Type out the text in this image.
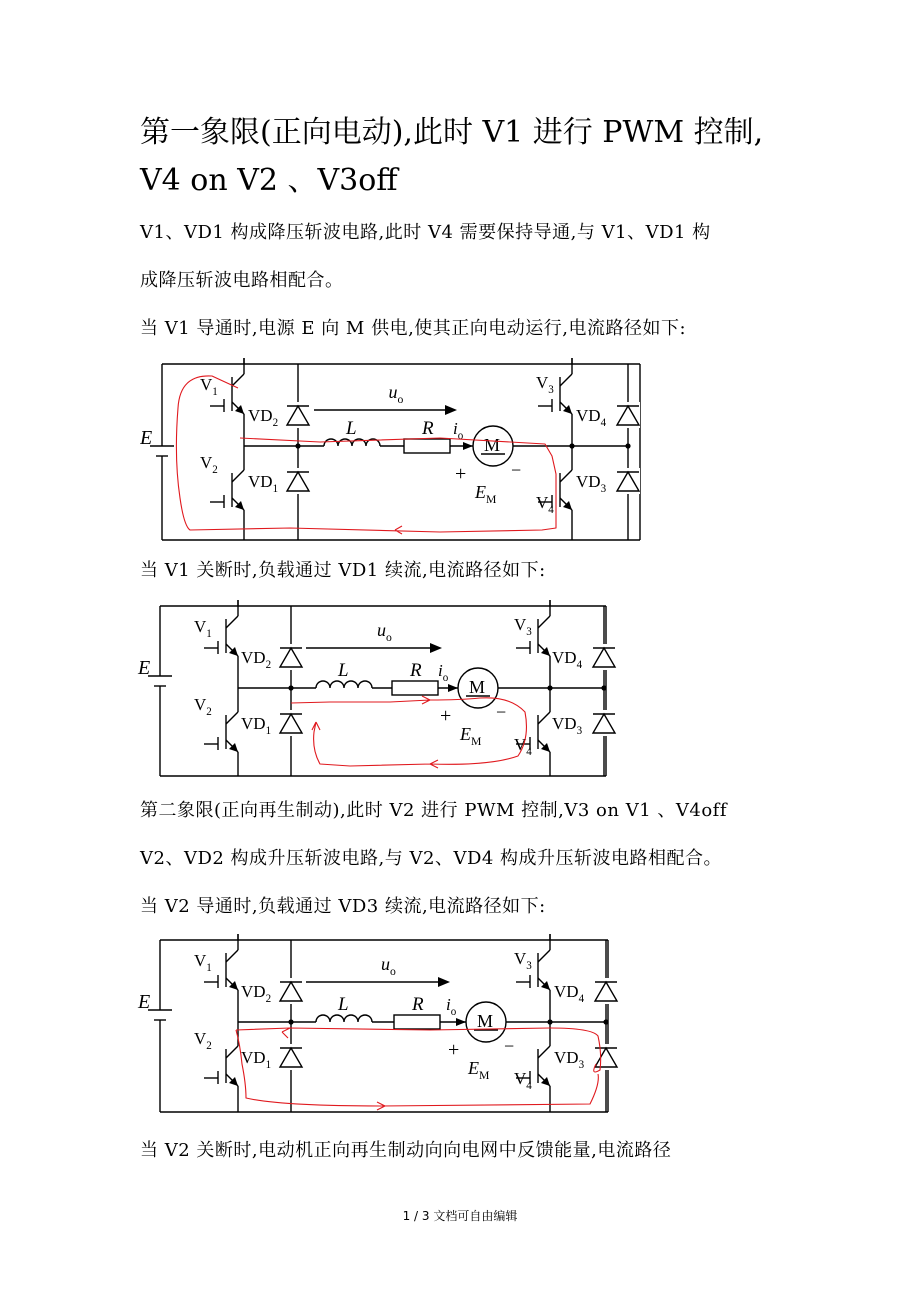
第一象限(正向电动),此时 V1 进行 PWM 控制,
V4 on V2 、V3off
V1、VD1 构成降压斩波电路,此时 V4 需要保持导通,与 V1、VD1 构
成降压斩波电路相配合。
当 V1 导通时,电源 E 向 M 供电,使其正向电动运行,电流路径如下:
E
$V_1$
$V_2$
$VD_2$
$VD_1$
$V_3$
$V_4$
$VD_4$
$VD_3$
M
L	R $i_o$
+ −
$E_M$
$u_o$
当 V1 关断时,负载通过 VD1 续流,电流路径如下:
E
$V_1$
$V_2$
$VD_2$
$VD_1$
$V_3$
$V_4$
$VD_4$
$VD_3$
M
L	R $i_o$
+ −
$E_M$
$u_o$
第二象限(正向再生制动),此时 V2 进行 PWM 控制,V3 on V1 、V4off
V2、VD2 构成升压斩波电路,与 V2、VD4 构成升压斩波电路相配合。
当 V2 导通时,负载通过 VD3 续流,电流路径如下:
E
$V_1$
$V_2$
$VD_2$
$VD_1$
$V_3$
$V_4$
$VD_4$
$VD_3$
M
L	R $i_o$
+ −
$E_M$
$u_o$
当 V2 关断时,电动机正向再生制动向向电网中反馈能量,电流路径
1 / 3 文档可自由编辑
